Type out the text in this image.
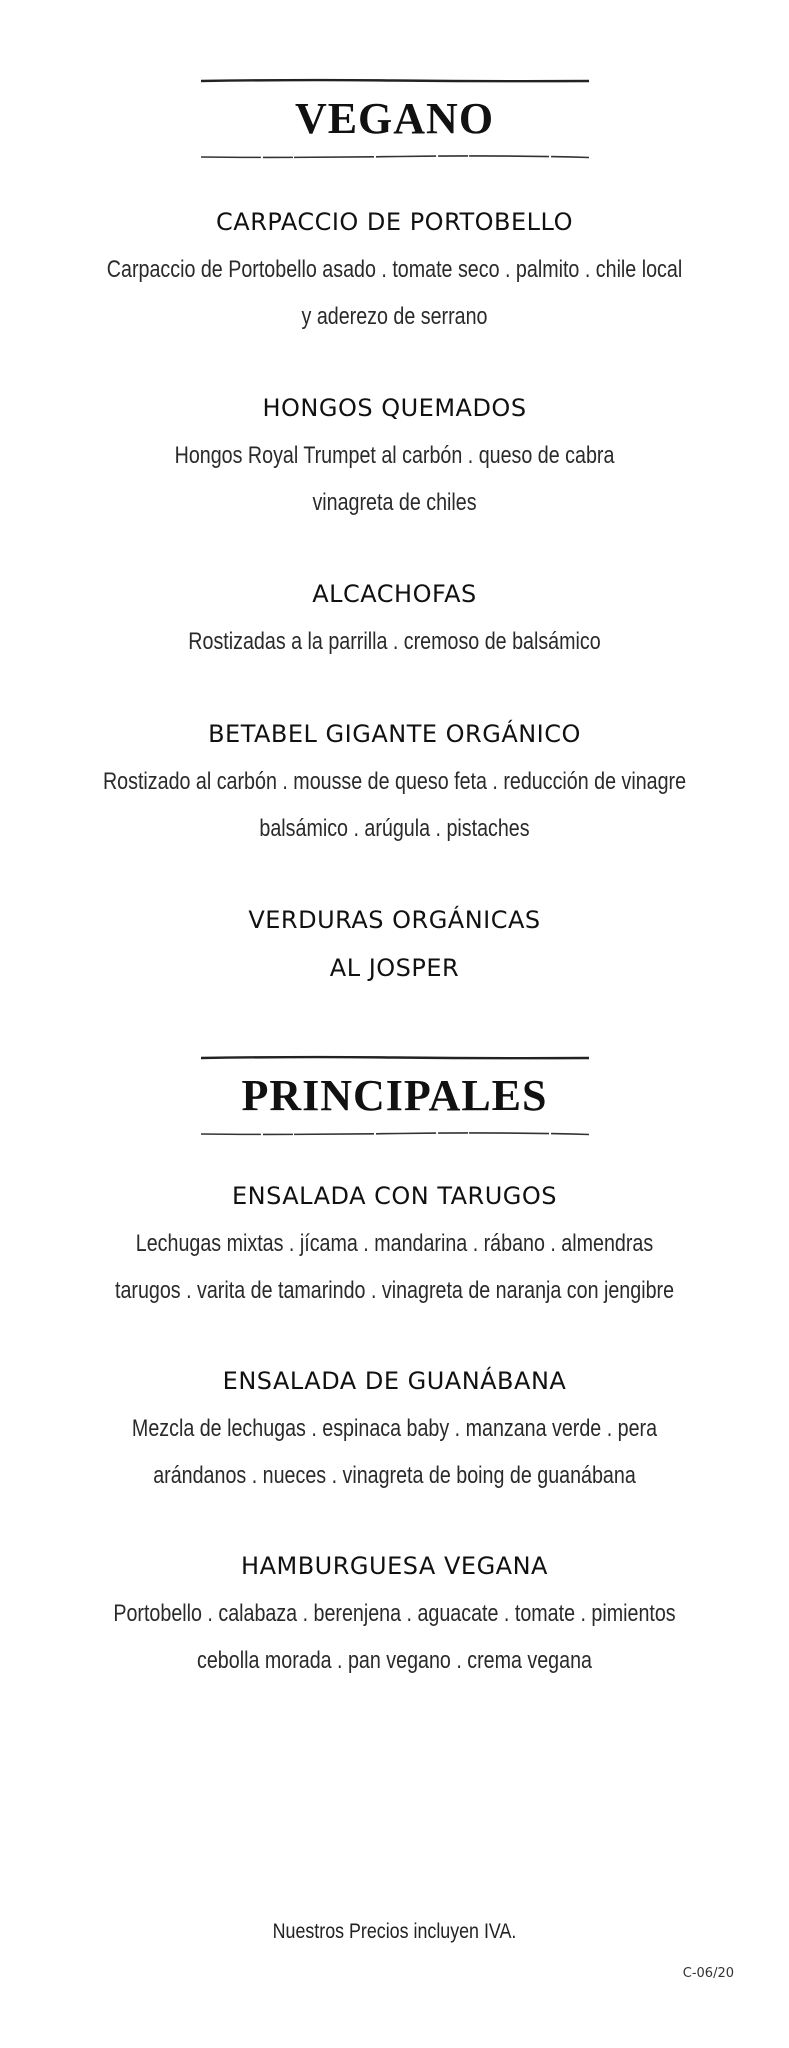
VEGANO

CARPACCIO DE PORTOBELLO

Carpaccio de Portobello asado . tomate seco . palmito . chile local

y aderezo de serrano

HONGOS QUEMADOS

Hongos Royal Trumpet al carbón . queso de cabra

vinagreta de chiles

ALCACHOFAS

Rostizadas a la parrilla . cremoso de balsámico

BETABEL GIGANTE ORGÁNICO

Rostizado al carbón . mousse de queso feta . reducción de vinagre

balsámico . arúgula . pistaches

VERDURAS ORGÁNICAS

AL JOSPER

PRINCIPALES

ENSALADA CON TARUGOS

Lechugas mixtas . jícama . mandarina . rábano . almendras

tarugos . varita de tamarindo . vinagreta de naranja con jengibre

ENSALADA DE GUANÁBANA

Mezcla de lechugas . espinaca baby . manzana verde . pera

arándanos . nueces . vinagreta de boing de guanábana

HAMBURGUESA VEGANA

Portobello . calabaza . berenjena . aguacate . tomate . pimientos

cebolla morada . pan vegano . crema vegana

Nuestros Precios incluyen IVA.
C-06/20
